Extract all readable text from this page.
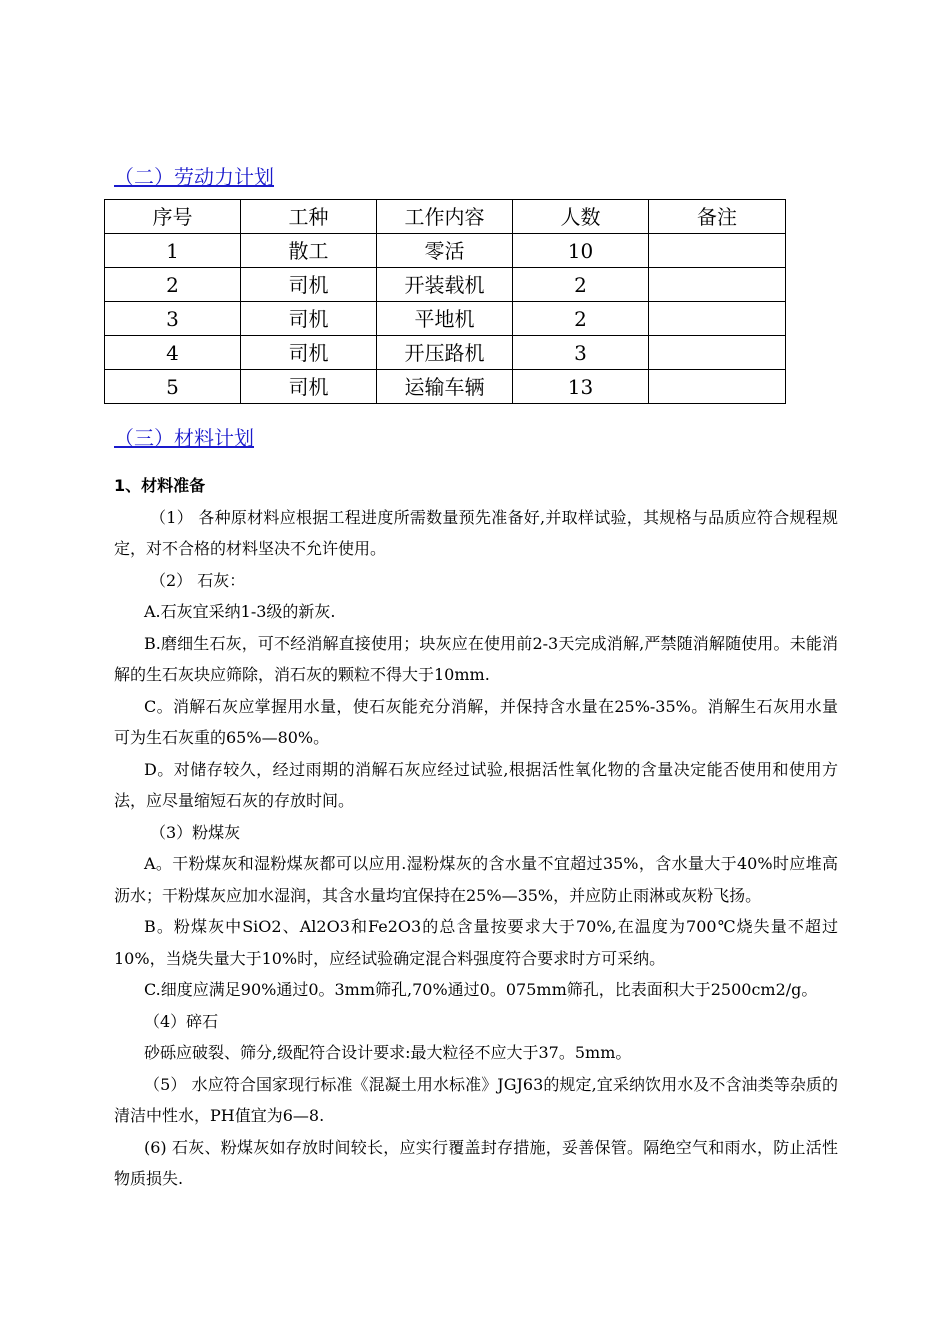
（二）劳动力计划
序号	工种	工作内容	人数	备注
1	散工	零活	10	
2	司机	开装载机	2	
3	司机	平地机	2	
4	司机	开压路机	3	
5	司机	运输车辆	13	
（三）材料计划

1、材料准备

（1） 各种原材料应根据工程进度所需数量预先准备好,并取样试验，其规格与品质应符合规程规定，对不合格的材料坚决不允许使用。

（2） 石灰：

A.石灰宜采纳1-3级的新灰.

B.磨细生石灰，可不经消解直接使用；块灰应在使用前2-3天完成消解,严禁随消解随使用。未能消解的生石灰块应筛除，消石灰的颗粒不得大于10mm.

C。消解石灰应掌握用水量，使石灰能充分消解，并保持含水量在25%-35%。消解生石灰用水量可为生石灰重的65%—80%。

D。对储存较久，经过雨期的消解石灰应经过试验,根据活性氧化物的含量决定能否使用和使用方法，应尽量缩短石灰的存放时间。

（3）粉煤灰

A。干粉煤灰和湿粉煤灰都可以应用.湿粉煤灰的含水量不宜超过35%，含水量大于40%时应堆高沥水；干粉煤灰应加水湿润，其含水量均宜保持在25%—35%，并应防止雨淋或灰粉飞扬。

B。粉煤灰中SiO2、Al2O3和Fe2O3的总含量按要求大于70%,在温度为700℃烧失量不超过10%，当烧失量大于10%时，应经试验确定混合料强度符合要求时方可采纳。

C.细度应满足90%通过0。3mm筛孔,70%通过0。075mm筛孔，比表面积大于2500cm2/g。

（4）碎石

砂砾应破裂、筛分,级配符合设计要求:最大粒径不应大于37。5mm。

（5） 水应符合国家现行标准《混凝土用水标准》JGJ63的规定,宜采纳饮用水及不含油类等杂质的清洁中性水，PH值宜为6—8.

(6) 石灰、粉煤灰如存放时间较长，应实行覆盖封存措施，妥善保管。隔绝空气和雨水，防止活性物质损失.
